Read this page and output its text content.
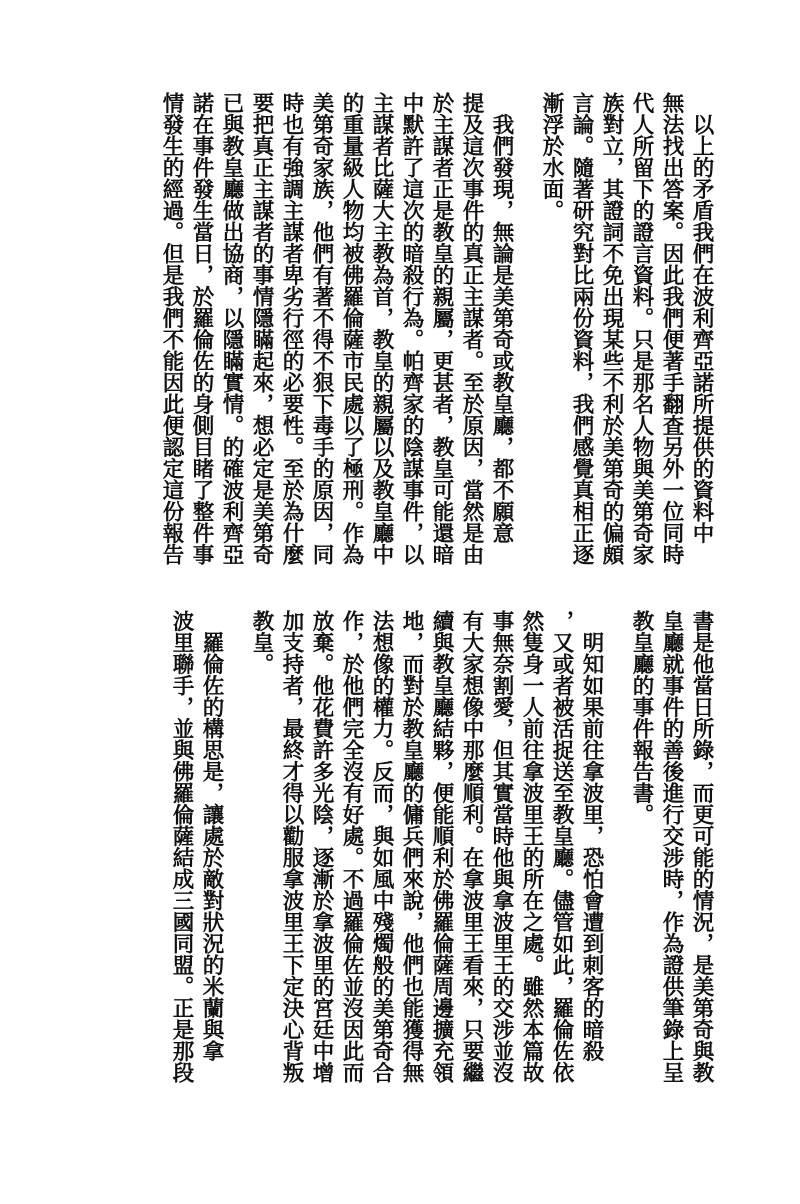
　以上的矛盾我們在波利齊亞諾所提供的資料中
無法找出答案。因此我們便著手翻查另外一位同時
代人所留下的證言資料。只是那名人物與美第奇家
族對立，其證詞不免出現某些不利於美第奇的偏頗
言論。隨著研究對比兩份資料，我們感覺真相正逐
漸浮於水面。
　我們發現，無論是美第奇或教皇廳，都不願意
提及這次事件的真正主謀者。至於原因，當然是由
於主謀者正是教皇的親屬，更甚者，教皇可能還暗
中默許了這次的暗殺行為。帕齊家的陰謀事件，以
主謀者比薩大主教為首，教皇的親屬以及教皇廳中
的重量級人物均被佛羅倫薩市民處以了極刑。作為
美第奇家族，他們有著不得不狠下毒手的原因，同
時也有強調主謀者卑劣行徑的必要性。至於為什麼
要把真正主謀者的事情隱瞞起來，想必定是美第奇
已與教皇廳做出協商，以隱瞞實情。的確波利齊亞
諾在事件發生當日，於羅倫佐的身側目睹了整件事
情發生的經過。但是我們不能因此便認定這份報告
書是他當日所錄，而更可能的情況，是美第奇與教
皇廳就事件的善後進行交涉時，作為證供筆錄上呈
教皇廳的事件報告書。
　明知如果前往拿波里，恐怕會遭到刺客的暗殺
，又或者被活捉送至教皇廳。儘管如此，羅倫佐依
然隻身一人前往拿波里王的所在之處。雖然本篇故
事無奈割愛，但其實當時他與拿波里王的交涉並沒
有大家想像中那麼順利。在拿波里王看來，只要繼
續與教皇廳結夥，便能順利於佛羅倫薩周邊擴充領
地，而對於教皇廳的傭兵們來說，他們也能獲得無
法想像的權力。反而，與如風中殘燭般的美第奇合
作，於他們完全沒有好處。不過羅倫佐並沒因此而
放棄。他花費許多光陰，逐漸於拿波里的宮廷中增
加支持者，最終才得以勸服拿波里王下定決心背叛
教皇。
　羅倫佐的構思是，讓處於敵對狀況的米蘭與拿
波里聯手，並與佛羅倫薩結成三國同盟。正是那段
